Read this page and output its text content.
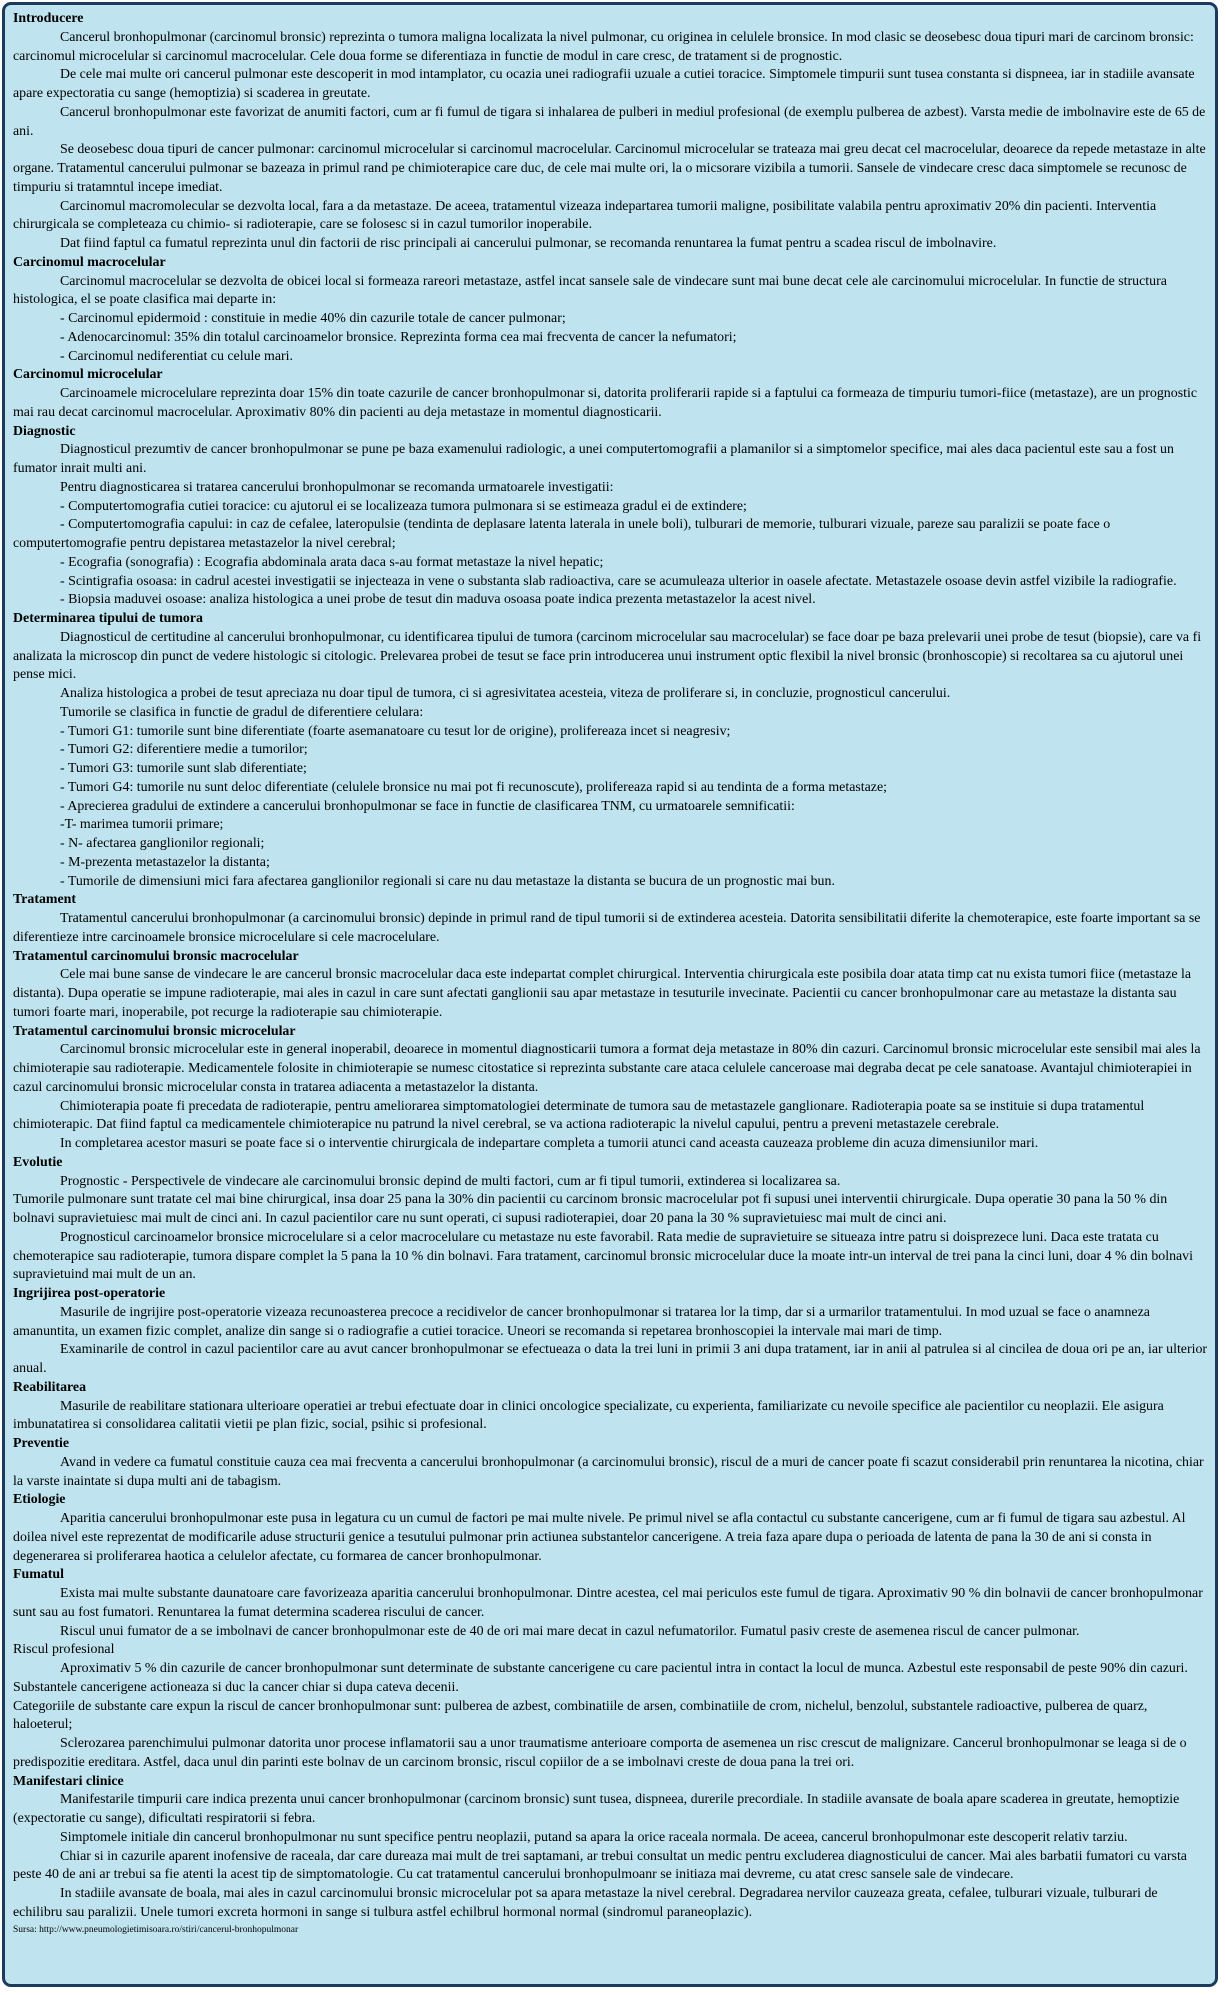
Introducere

Cancerul bronhopulmonar (carcinomul bronsic) reprezinta o tumora maligna localizata la nivel pulmonar, cu originea in celulele bronsice. In mod clasic se deosebesc doua tipuri mari de carcinom bronsic: carcinomul microcelular si carcinomul macrocelular. Cele doua forme se diferentiaza in functie de modul in care cresc, de tratament si de prognostic.

De cele mai multe ori cancerul pulmonar este descoperit in mod intamplator, cu ocazia unei radiografii uzuale a cutiei toracice. Simptomele timpurii sunt tusea constanta si dispneea, iar in stadiile avansate apare expectoratia cu sange (hemoptizia) si scaderea in greutate.

Cancerul bronhopulmonar este favorizat de anumiti factori, cum ar fi fumul de tigara si inhalarea de pulberi in mediul profesional (de exemplu pulberea de azbest). Varsta medie de imbolnavire este de 65 de ani.

Se deosebesc doua tipuri de cancer pulmonar: carcinomul microcelular si carcinomul macrocelular. Carcinomul microcelular se trateaza mai greu decat cel macrocelular, deoarece da repede metastaze in alte organe. Tratamentul cancerului pulmonar se bazeaza in primul rand pe chimioterapice care duc, de cele mai multe ori, la o micsorare vizibila a tumorii. Sansele de vindecare cresc daca simptomele se recunosc de timpuriu si tratamntul incepe imediat.

Carcinomul macromolecular se dezvolta local, fara a da metastaze. De aceea, tratamentul vizeaza indepartarea tumorii maligne, posibilitate valabila pentru aproximativ 20% din pacienti. Interventia chirurgicala se completeaza cu chimio- si radioterapie, care se folosesc si in cazul tumorilor inoperabile.

Dat fiind faptul ca fumatul reprezinta unul din factorii de risc principali ai cancerului pulmonar, se recomanda renuntarea la fumat pentru a scadea riscul de imbolnavire.

Carcinomul macrocelular

Carcinomul macrocelular se dezvolta de obicei local si formeaza rareori metastaze, astfel incat sansele sale de vindecare sunt mai bune decat cele ale carcinomului microcelular. In functie de structura histologica, el se poate clasifica mai departe in:

- Carcinomul epidermoid : constituie in medie 40% din cazurile totale de cancer pulmonar;

- Adenocarcinomul: 35% din totalul carcinoamelor bronsice. Reprezinta forma cea mai frecventa de cancer la nefumatori;

- Carcinomul nediferentiat cu celule mari.

Carcinomul microcelular

Carcinoamele microcelulare reprezinta doar 15% din toate cazurile de cancer bronhopulmonar si, datorita proliferarii rapide si a faptului ca formeaza de timpuriu tumori-fiice (metastaze), are un prognostic mai rau decat carcinomul macrocelular. Aproximativ 80% din pacienti au deja metastaze in momentul diagnosticarii.

Diagnostic

Diagnosticul prezumtiv de cancer bronhopulmonar se pune pe baza examenului radiologic, a unei computertomografii a plamanilor si a simptomelor specifice, mai ales daca pacientul este sau a fost un fumator inrait multi ani.

Pentru diagnosticarea si tratarea cancerului bronhopulmonar se recomanda urmatoarele investigatii:

- Computertomografia cutiei toracice: cu ajutorul ei se localizeaza tumora pulmonara si se estimeaza gradul ei de extindere;

- Computertomografia capului: in caz de cefalee, lateropulsie (tendinta de deplasare latenta laterala in unele boli), tulburari de memorie, tulburari vizuale, pareze sau paralizii se poate face o computertomografie pentru depistarea metastazelor la nivel cerebral;

- Ecografia (sonografia) : Ecografia abdominala arata daca s-au format metastaze la nivel hepatic;

- Scintigrafia osoasa: in cadrul acestei investigatii se injecteaza in vene o substanta slab radioactiva, care se acumuleaza ulterior in oasele afectate. Metastazele osoase devin astfel vizibile la radiografie.

- Biopsia maduvei osoase: analiza histologica a unei probe de tesut din maduva osoasa poate indica prezenta metastazelor la acest nivel.

Determinarea tipului de tumora

Diagnosticul de certitudine al cancerului bronhopulmonar, cu identificarea tipului de tumora (carcinom microcelular sau macrocelular) se face doar pe baza prelevarii unei probe de tesut (biopsie), care va fi analizata la microscop din punct de vedere histologic si citologic. Prelevarea probei de tesut se face prin introducerea unui instrument optic flexibil la nivel bronsic (bronhoscopie) si recoltarea sa cu ajutorul unei pense mici.

Analiza histologica a probei de tesut apreciaza nu doar tipul de tumora, ci si agresivitatea acesteia, viteza de proliferare si, in concluzie, prognosticul cancerului.

Tumorile se clasifica in functie de gradul de diferentiere celulara:

- Tumori G1: tumorile sunt bine diferentiate (foarte asemanatoare cu tesut lor de origine), prolifereaza incet si neagresiv;

- Tumori G2: diferentiere medie a tumorilor;

- Tumori G3: tumorile sunt slab diferentiate;

- Tumori G4: tumorile nu sunt deloc diferentiate (celulele bronsice nu mai pot fi recunoscute), prolifereaza rapid si au tendinta de a forma metastaze;

- Aprecierea gradului de extindere a cancerului bronhopulmonar se face in functie de clasificarea TNM, cu urmatoarele semnificatii:

-T- marimea tumorii primare;

- N- afectarea ganglionilor regionali;

- M-prezenta metastazelor la distanta;

- Tumorile de dimensiuni mici fara afectarea ganglionilor regionali si care nu dau metastaze la distanta se bucura de un prognostic mai bun.

Tratament

Tratamentul cancerului bronhopulmonar (a carcinomului bronsic) depinde in primul rand de tipul tumorii si de extinderea acesteia. Datorita sensibilitatii diferite la chemoterapice, este foarte important sa se diferentieze intre carcinoamele bronsice microcelulare si cele macrocelulare.

Tratamentul carcinomului bronsic macrocelular

Cele mai bune sanse de vindecare le are cancerul bronsic macrocelular daca este indepartat complet chirurgical. Interventia chirurgicala este posibila doar atata timp cat nu exista tumori fiice (metastaze la distanta). Dupa operatie se impune radioterapie, mai ales in cazul in care sunt afectati ganglionii sau apar metastaze in tesuturile invecinate. Pacientii cu cancer bronhopulmonar care au metastaze la distanta sau tumori foarte mari, inoperabile, pot recurge la radioterapie sau chimioterapie.

Tratamentul carcinomului bronsic microcelular

Carcinomul bronsic microcelular este in general inoperabil, deoarece in momentul diagnosticarii tumora a format deja metastaze in 80% din cazuri. Carcinomul bronsic microcelular este sensibil mai ales la chimioterapie sau radioterapie. Medicamentele folosite in chimioterapie se numesc citostatice si reprezinta substante care ataca celulele canceroase mai degraba decat pe cele sanatoase. Avantajul chimioterapiei in cazul carcinomului bronsic microcelular consta in tratarea adiacenta a metastazelor la distanta.

Chimioterapia poate fi precedata de radioterapie, pentru ameliorarea simptomatologiei determinate de tumora sau de metastazele ganglionare. Radioterapia poate sa se instituie si dupa tratamentul chimioterapic. Dat fiind faptul ca medicamentele chimioterapice nu patrund la nivel cerebral, se va actiona radioterapic la nivelul capului, pentru a preveni metastazele cerebrale.

In completarea acestor masuri se poate face si o interventie chirurgicala de indepartare completa a tumorii atunci cand aceasta cauzeaza probleme din acuza dimensiunilor mari.

Evolutie

Prognostic - Perspectivele de vindecare ale carcinomului bronsic depind de multi factori, cum ar fi tipul tumorii, extinderea si localizarea sa.

Tumorile pulmonare sunt tratate cel mai bine chirurgical, insa doar 25 pana la 30% din pacientii cu carcinom bronsic macrocelular pot fi supusi unei interventii chirurgicale. Dupa operatie 30 pana la 50 % din bolnavi supravietuiesc mai mult de cinci ani. In cazul pacientilor care nu sunt operati, ci supusi radioterapiei, doar 20 pana la 30 % supravietuiesc mai mult de cinci ani.

Prognosticul carcinoamelor bronsice microcelulare si a celor macrocelulare cu metastaze nu este favorabil. Rata medie de supravietuire se situeaza intre patru si doisprezece luni. Daca este tratata cu chemoterapice sau radioterapie, tumora dispare complet la 5 pana la 10 % din bolnavi. Fara tratament, carcinomul bronsic microcelular duce la moate intr-un interval de trei pana la cinci luni, doar 4 % din bolnavi supravietuind mai mult de un an.

Ingrijirea post-operatorie

Masurile de ingrijire post-operatorie vizeaza recunoasterea precoce a recidivelor de cancer bronhopulmonar si tratarea lor la timp, dar si a urmarilor tratamentului. In mod uzual se face o anamneza amanuntita, un examen fizic complet, analize din sange si o radiografie a cutiei toracice. Uneori se recomanda si repetarea bronhoscopiei la intervale mai mari de timp.

Examinarile de control in cazul pacientilor care au avut cancer bronhopulmonar se efectueaza o data la trei luni in primii 3 ani dupa tratament, iar in anii al patrulea si al cincilea de doua ori pe an, iar ulterior anual.

Reabilitarea

Masurile de reabilitare stationara ulterioare operatiei ar trebui efectuate doar in clinici oncologice specializate, cu experienta, familiarizate cu nevoile specifice ale pacientilor cu neoplazii. Ele asigura imbunatatirea si consolidarea calitatii vietii pe plan fizic, social, psihic si profesional.

Preventie

Avand in vedere ca fumatul constituie cauza cea mai frecventa a cancerului bronhopulmonar (a carcinomului bronsic), riscul de a muri de cancer poate fi scazut considerabil prin renuntarea la nicotina, chiar la varste inaintate si dupa multi ani de tabagism.

Etiologie

Aparitia cancerului bronhopulmonar este pusa in legatura cu un cumul de factori pe mai multe nivele. Pe primul nivel se afla contactul cu substante cancerigene, cum ar fi fumul de tigara sau azbestul. Al doilea nivel este reprezentat de modificarile aduse structurii genice a tesutului pulmonar prin actiunea substantelor cancerigene. A treia faza apare dupa o perioada de latenta de pana la 30 de ani si consta in degenerarea si proliferarea haotica a celulelor afectate, cu formarea de cancer bronhopulmonar.

Fumatul

Exista mai multe substante daunatoare care favorizeaza aparitia cancerului bronhopulmonar. Dintre acestea, cel mai periculos este fumul de tigara. Aproximativ 90 % din bolnavii de cancer bronhopulmonar sunt sau au fost fumatori. Renuntarea la fumat determina scaderea riscului de cancer.

Riscul unui fumator de a se imbolnavi de cancer bronhopulmonar este de 40 de ori mai mare decat in cazul nefumatorilor. Fumatul pasiv creste de asemenea riscul de cancer pulmonar.

Riscul profesional

Aproximativ 5 % din cazurile de cancer bronhopulmonar sunt determinate de substante cancerigene cu care pacientul intra in contact la locul de munca. Azbestul este responsabil de peste 90% din cazuri. Substantele cancerigene actioneaza si duc la cancer chiar si dupa cateva decenii.

Categoriile de substante care expun la riscul de cancer bronhopulmonar sunt: pulberea de azbest, combinatiile de arsen, combinatiile de crom, nichelul, benzolul, substantele radioactive, pulberea de quarz, haloeterul;

Sclerozarea parenchimului pulmonar datorita unor procese inflamatorii sau a unor traumatisme anterioare comporta de asemenea un risc crescut de malignizare. Cancerul bronhopulmonar se leaga si de o predispozitie ereditara. Astfel, daca unul din parinti este bolnav de un carcinom bronsic, riscul copiilor de a se imbolnavi creste de doua pana la trei ori.

Manifestari clinice

Manifestarile timpurii care indica prezenta unui cancer bronhopulmonar (carcinom bronsic) sunt tusea, dispneea, durerile precordiale. In stadiile avansate de boala apare scaderea in greutate, hemoptizie (expectoratie cu sange), dificultati respiratorii si febra.

Simptomele initiale din cancerul bronhopulmonar nu sunt specifice pentru neoplazii, putand sa apara la orice raceala normala. De aceea, cancerul bronhopulmonar este descoperit relativ tarziu.

Chiar si in cazurile aparent inofensive de raceala, dar care dureaza mai mult de trei saptamani, ar trebui consultat un medic pentru excluderea diagnosticului de cancer. Mai ales barbatii fumatori cu varsta peste 40 de ani ar trebui sa fie atenti la acest tip de simptomatologie. Cu cat tratamentul cancerului bronhopulmoanr se initiaza mai devreme, cu atat cresc sansele sale de vindecare.

In stadiile avansate de boala, mai ales in cazul carcinomului bronsic microcelular pot sa apara metastaze la nivel cerebral. Degradarea nervilor cauzeaza greata, cefalee, tulburari vizuale, tulburari de echilibru sau paralizii. Unele tumori excreta hormoni in sange si tulbura astfel echilbrul hormonal normal (sindromul paraneoplazic).

Sursa: http://www.pneumologietimisoara.ro/stiri/cancerul-bronhopulmonar
